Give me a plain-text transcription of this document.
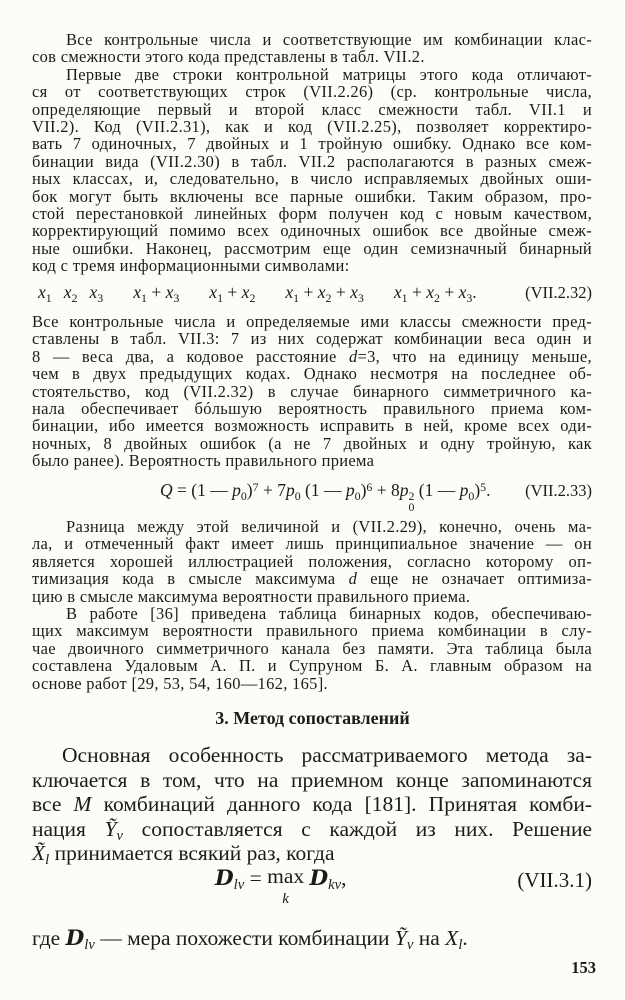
Все контрольные числа и соответствующие им комбинации клас-
сов смежности этого кода представлены в табл. VII.2.
Первые две строки контрольной матрицы этого кода отличают-
ся от соответствующих строк (VII.2.26) (ср. контрольные числа,
определяющие первый и второй класс смежности табл. VII.1 и
VII.2). Код (VII.2.31), как и код (VII.2.25), позволяет корректиро-
вать 7 одиночных, 7 двойных и 1 тройную ошибку. Однако все ком-
бинации вида (VII.2.30) в табл. VII.2 располагаются в разных смеж-
ных классах, и, следовательно, в число исправляемых двойных оши-
бок могут быть включены все парные ошибки. Таким образом, про-
стой перестановкой линейных форм получен код с новым качеством,
корректирующий помимо всех одиночных ошибок все двойные смеж-
ные ошибки. Наконец, рассмотрим еще один семизначный бинарный
код с тремя информационными символами:
$x_1$ $x_2$ $x_3$ $x_1 + x_3$ $x_1 + x_2$ $x_1 + x_2 + x_3$ $x_1 + x_2 + x_3$.	(VII.2.32)
Все контрольные числа и определяемые ими классы смежности пред-
ставлены в табл. VII.3: 7 из них содержат комбинации веса один и
8 — веса два, а кодовое расстояние d=3, что на единицу меньше,
чем в двух предыдущих кодах. Однако несмотря на последнее об-
стоятельство, код (VII.2.32) в случае бинарного симметричного ка-
нала обеспечивает бóльшую вероятность правильного приема ком-
бинации, ибо имеется возможность исправить в ней, кроме всех оди-
ночных, 8 двойных ошибок (а не 7 двойных и одну тройную, как
было ранее). Вероятность правильного приема
Q = (1 — $p_0)^7 + 7p_0$ (1 — $p_0)^6 + 8p$ 2
0
(1 — $p_0)^5$. (VII.2.33)
Разница между этой величиной и (VII.2.29), конечно, очень ма-
ла, и отмеченный факт имеет лишь принципиальное значение — он
является хорошей иллюстрацией положения, согласно которому оп-
тимизация кода в смысле максимума d еще не означает оптимиза-
цию в смысле максимума вероятности правильного приема.
В работе [36] приведена таблица бинарных кодов, обеспечиваю-
щих максимум вероятности правильного приема комбинации в слу-
чае двоичного симметричного канала без памяти. Эта таблица была
составлена Удаловым А. П. и Супруном Б. А. главным образом на
основе работ [29, 53, 54, 160—162, 165].
3. Метод сопоставлений
Основная особенность рассматриваемого метода за-
ключается в том, что на приемном конце запоминаются
все M комбинаций данного кода [181]. Принятая комби-
нация Ỹ$_\nu$ сопоставляется с каждой из них. Решение
$X̃_l$ принимается всякий раз, когда
$D_{l\nu} = \max$
k
$D_{k\nu}$,	(VII.3.1)
где $D_{l\nu}$ — мера похожести комбинации Ỹ$_\nu$ на $X_l$.
153
